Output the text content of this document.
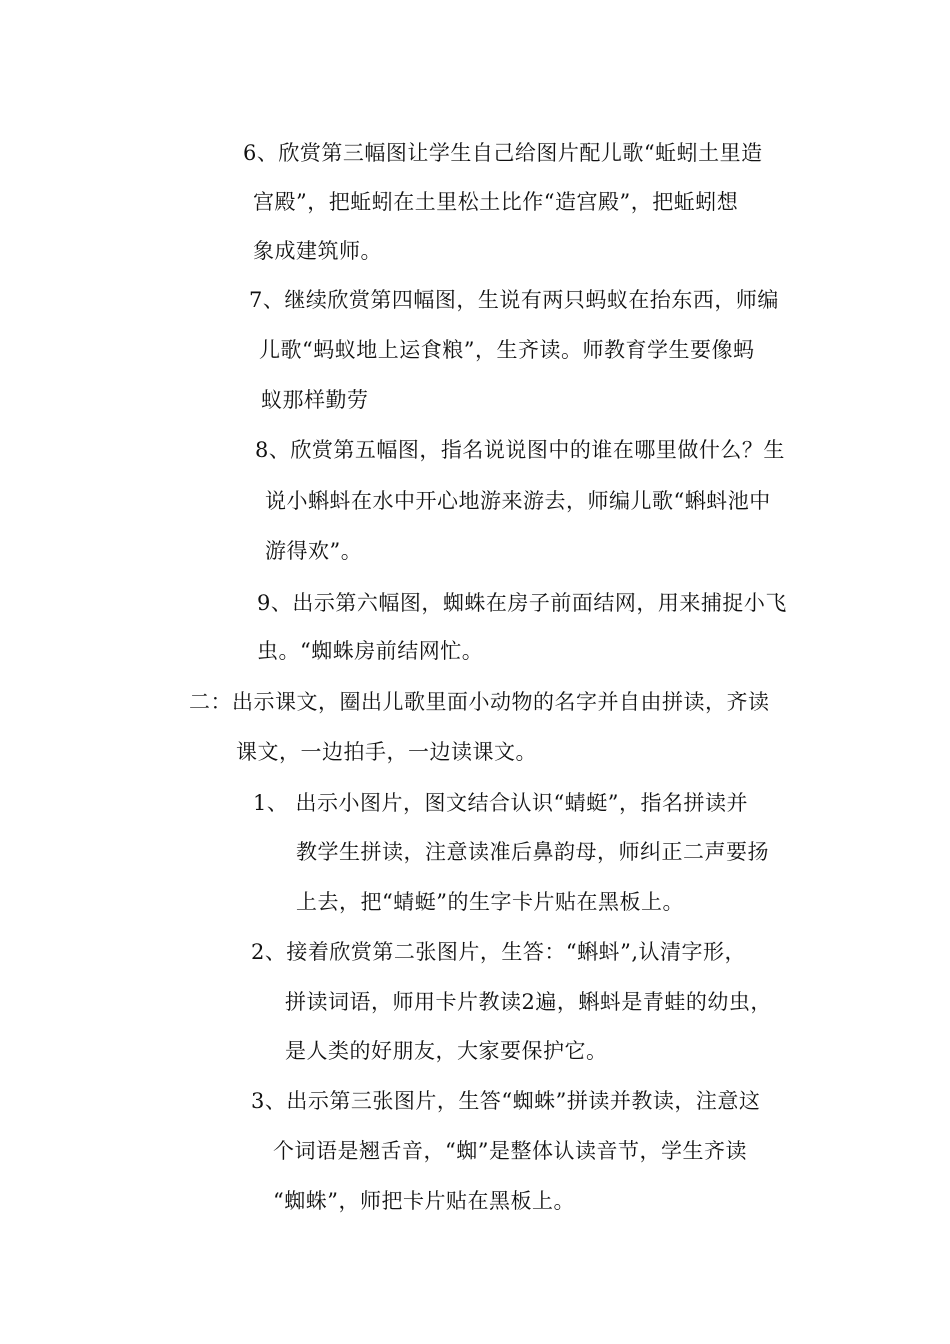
6、欣赏第三幅图让学生自己给图片配儿歌“蚯蚓土里造
宫殿”，把蚯蚓在土里松土比作“造宫殿”，把蚯蚓想
象成建筑师。
7、继续欣赏第四幅图，生说有两只蚂蚁在抬东西，师编
儿歌“蚂蚁地上运食粮”，生齐读。师教育学生要像蚂
蚁那样勤劳
8、欣赏第五幅图，指名说说图中的谁在哪里做什么？生
说小蝌蚪在水中开心地游来游去，师编儿歌“蝌蚪池中
游得欢”。
9、出示第六幅图，蜘蛛在房子前面结网，用来捕捉小飞
虫。“蜘蛛房前结网忙。
二：出示课文，圈出儿歌里面小动物的名字并自由拼读，齐读
课文，一边拍手，一边读课文。
1、 出示小图片，图文结合认识“蜻蜓”，指名拼读并
教学生拼读，注意读准后鼻韵母，师纠正二声要扬
上去，把“蜻蜓”的生字卡片贴在黑板上。
2、接着欣赏第二张图片，生答：“蝌蚪”,认清字形，
拼读词语，师用卡片教读2遍，蝌蚪是青蛙的幼虫，
是人类的好朋友，大家要保护它。
3、出示第三张图片，生答“蜘蛛”拼读并教读，注意这
个词语是翘舌音，“蜘”是整体认读音节，学生齐读
“蜘蛛”，师把卡片贴在黑板上。
